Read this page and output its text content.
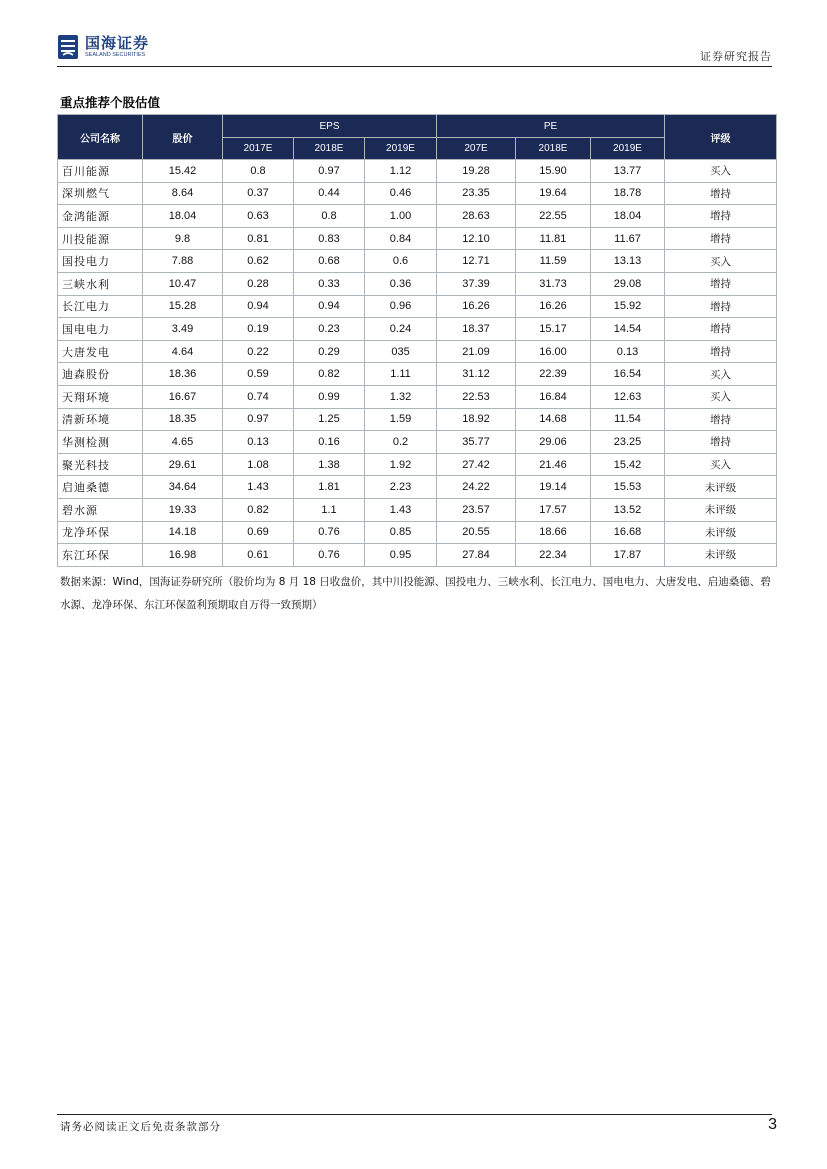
国海证券
SEALAND SECURITIES	证券研究报告
重点推荐个股估值
公司名称	股价	EPS			PE			评级
		2017E	2018E	2019E	207E	2018E	2019E	
百川能源	15.42	0.8	0.97	1.12	19.28	15.90	13.77	买入
深圳燃气	8.64	0.37	0.44	0.46	23.35	19.64	18.78	增持
金鸿能源	18.04	0.63	0.8	1.00	28.63	22.55	18.04	增持
川投能源	9.8	0.81	0.83	0.84	12.10	11.81	11.67	增持
国投电力	7.88	0.62	0.68	0.6	12.71	11.59	13.13	买入
三峡水利	10.47	0.28	0.33	0.36	37.39	31.73	29.08	增持
长江电力	15.28	0.94	0.94	0.96	16.26	16.26	15.92	增持
国电电力	3.49	0.19	0.23	0.24	18.37	15.17	14.54	增持
大唐发电	4.64	0.22	0.29	035	21.09	16.00	0.13	增持
迪森股份	18.36	0.59	0.82	1.11	31.12	22.39	16.54	买入
天翔环境	16.67	0.74	0.99	1.32	22.53	16.84	12.63	买入
清新环境	18.35	0.97	1.25	1.59	18.92	14.68	11.54	增持
华测检测	4.65	0.13	0.16	0.2	35.77	29.06	23.25	增持
聚光科技	29.61	1.08	1.38	1.92	27.42	21.46	15.42	买入
启迪桑德	34.64	1.43	1.81	2.23	24.22	19.14	15.53	未评级
碧水源	19.33	0.82	1.1	1.43	23.57	17.57	13.52	未评级
龙净环保	14.18	0.69	0.76	0.85	20.55	18.66	16.68	未评级
东江环保	16.98	0.61	0.76	0.95	27.84	22.34	17.87	未评级
数据来源：Wind，国海证券研究所（股价均为 8 月 18 日收盘价，其中川投能源、国投电力、三峡水利、长江电力、国电电力、大唐发电、启迪桑德、碧水源、龙净环保、东江环保盈利预期取自万得一致预期）
请务必阅读正文后免责条款部分	3
